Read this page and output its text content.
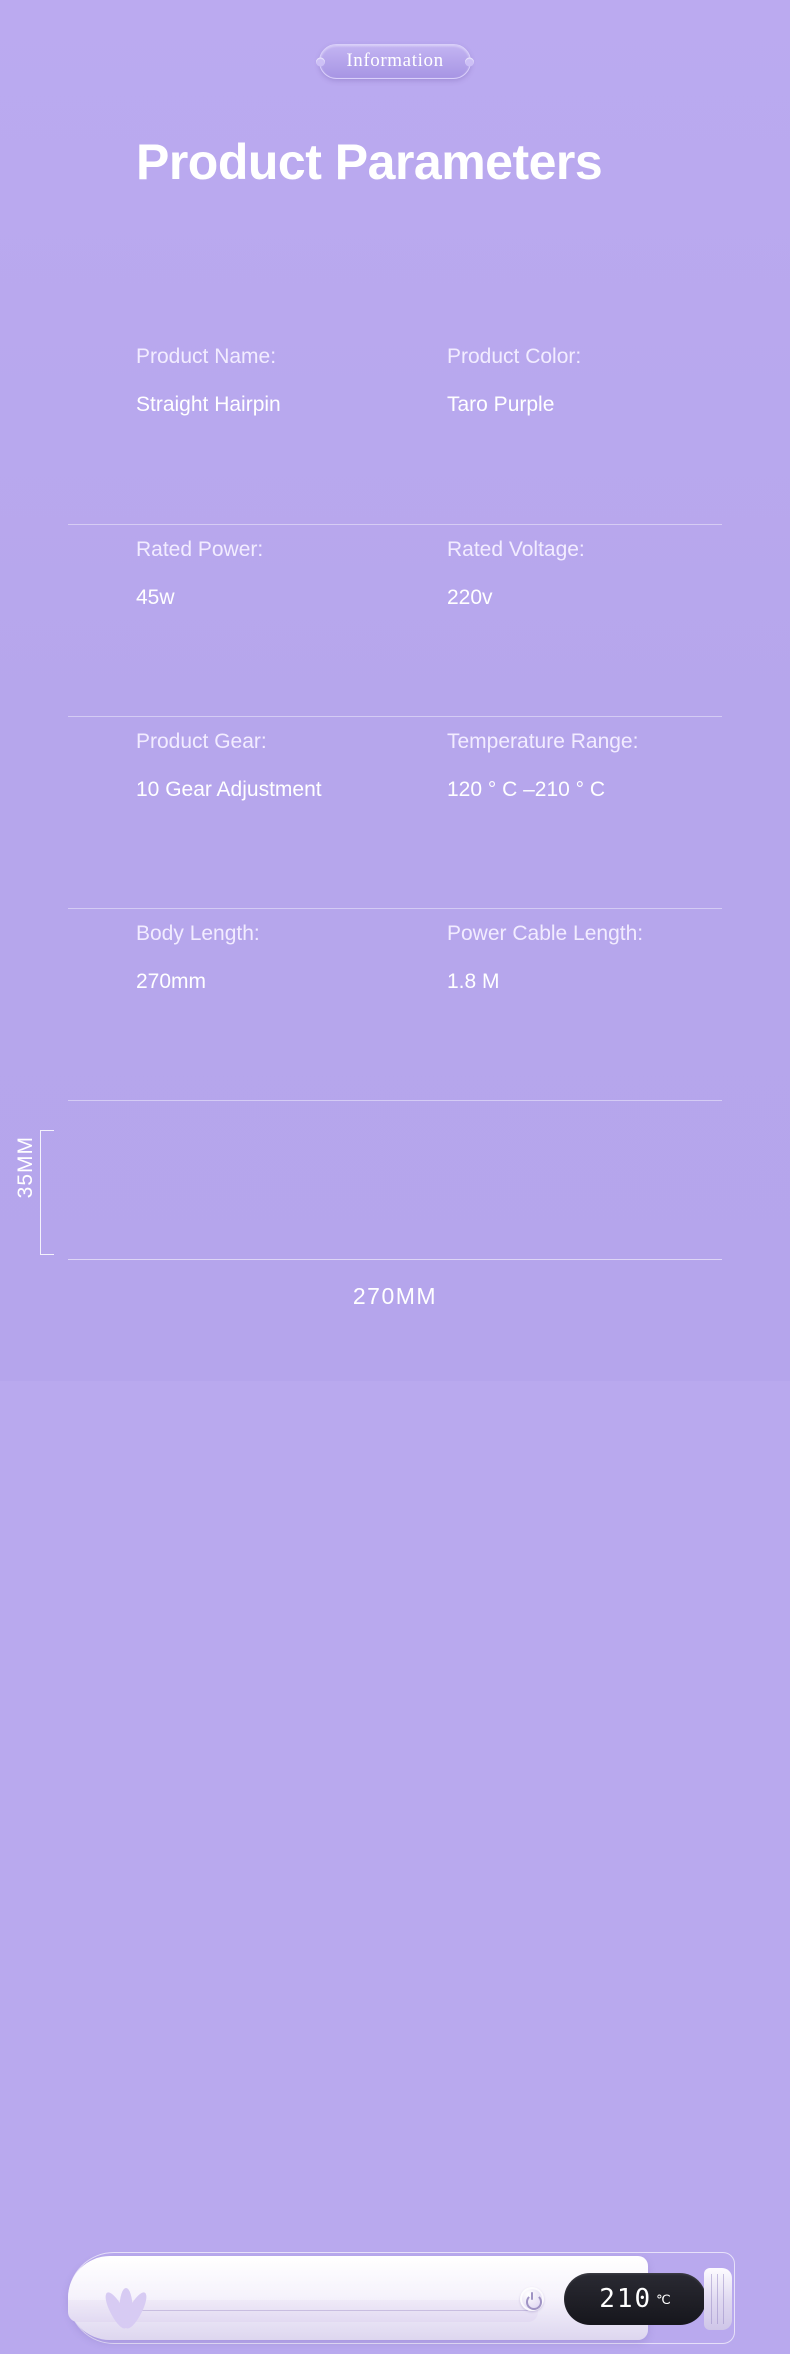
Information
Product Parameters
Product Name:
Straight Hairpin
Product Color:
Taro Purple
Rated Power:
45w
Rated Voltage:
220v
Product Gear:
10 Gear Adjustment
Temperature Range:
120 ° C –210 ° C
Body Length:
270mm
Power Cable Length:
1.8 M
35MM
210 ℃
270MM
